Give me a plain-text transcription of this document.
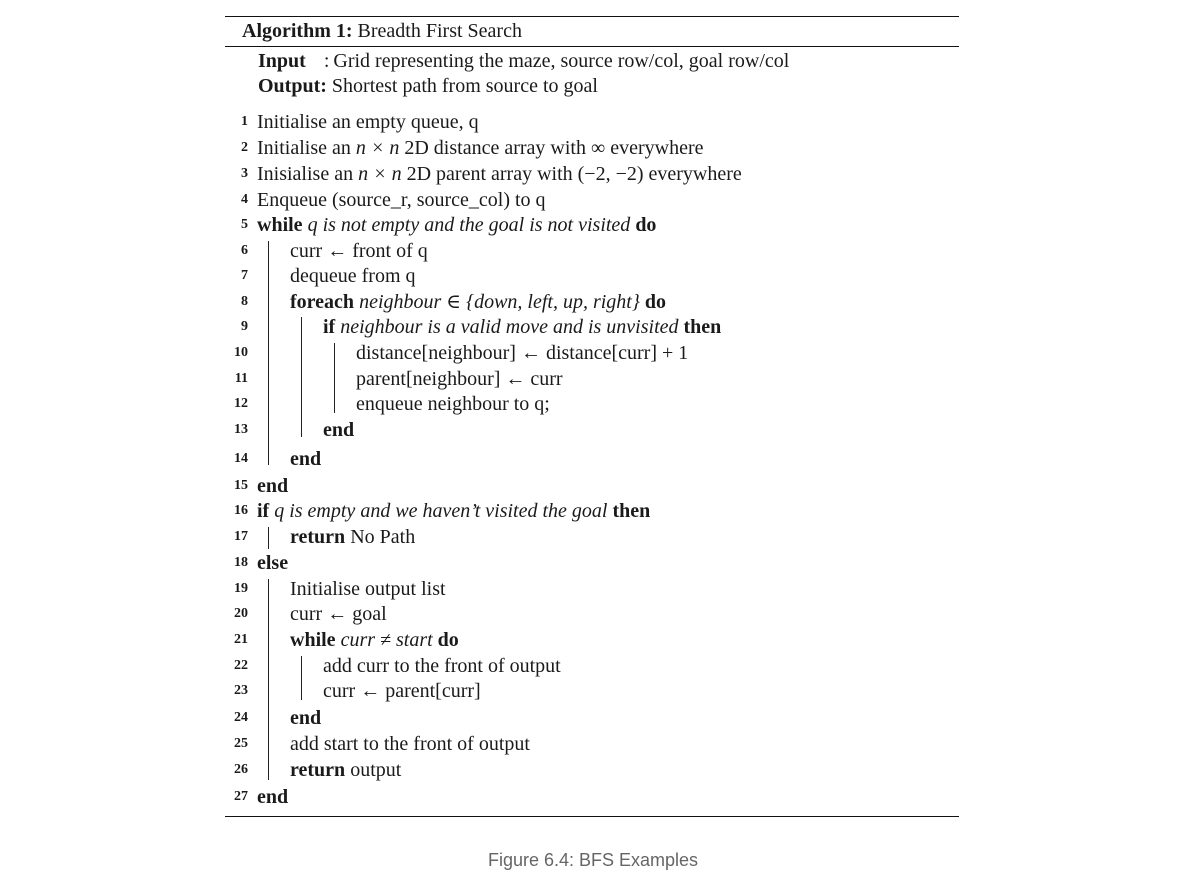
Algorithm 1: Breadth First Search
Input : Grid representing the maze, source row/col, goal row/col
Output: Shortest path from source to goal
1 Initialise an empty queue, q
2 Initialise an n × n 2D distance array with ∞ everywhere
3 Inisialise an n × n 2D parent array with (−2, −2) everywhere
4 Enqueue (source_r, source_col) to q
5 while q is not empty and the goal is not visited do
6 curr ← front of q
7 dequeue from q
8 foreach neighbour ∈ {down, left, up, right} do
9	if neighbour is a valid move and is unvisited then
10	distance[neighbour] ← distance[curr] + 1
11	parent[neighbour] ← curr
12	enqueue neighbour to q;
13	end
14 end
15 end
16 if q is empty and we haven’t visited the goal then
17 return No Path
18 else
19 Initialise output list
20 curr ← goal
21 while curr ≠ start do
22	add curr to the front of output
23	curr ← parent[curr]
24 end
25 add start to the front of output
26 return output
27 end
Figure 6.4: BFS Examples
